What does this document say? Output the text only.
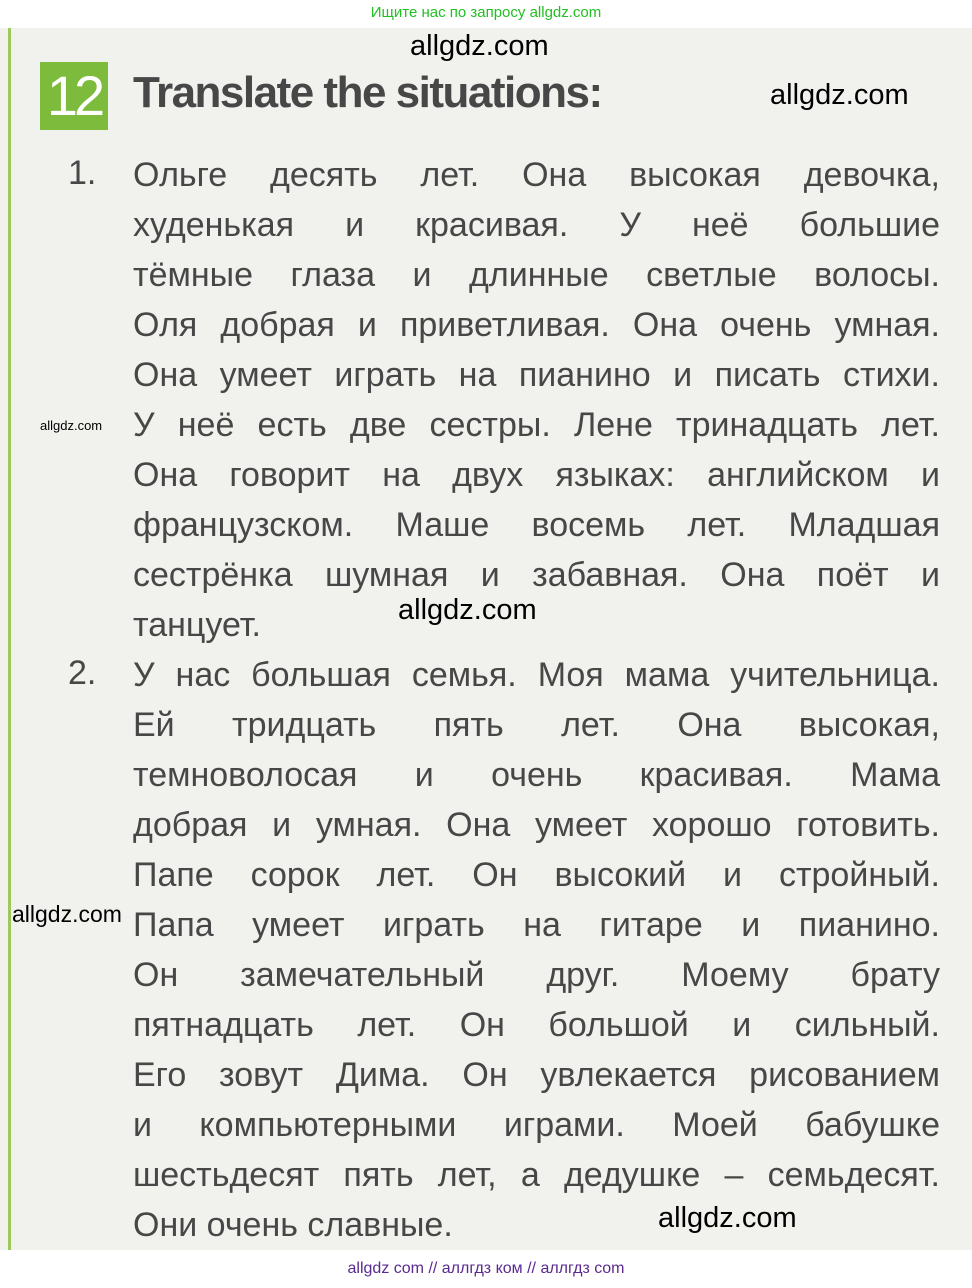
Ищите нас по запросу allgdz.com
12 Translate the situations:
1. Ольге десять лет. Она высокая девочка,
худенькая и красивая. У неё большие
тёмные глаза и длинные светлые волосы.
Оля добрая и приветливая. Она очень умная.
Она умеет играть на пианино и писать стихи.
У неё есть две сестры. Лене тринадцать лет.
Она говорит на двух языках: английском и
французском. Маше восемь лет. Младшая
сестрёнка шумная и забавная. Она поёт и
танцует.
2. У нас большая семья. Моя мама учительница.
Ей тридцать пять лет. Она высокая,
темноволосая и очень красивая. Мама
добрая и умная. Она умеет хорошо готовить.
Папе сорок лет. Он высокий и стройный.
Папа умеет играть на гитаре и пианино.
Он замечательный друг. Моему брату
пятнадцать лет. Он большой и сильный.
Его зовут Дима. Он увлекается рисованием
и компьютерными играми. Моей бабушке
шестьдесят пять лет, а дедушке – семьдесят.
Они очень славные.
allgdz.com
allgdz.com
allgdz.com
allgdz.com
allgdz.com
allgdz.com
allgdz com // аллгдз ком // аллгдз com
